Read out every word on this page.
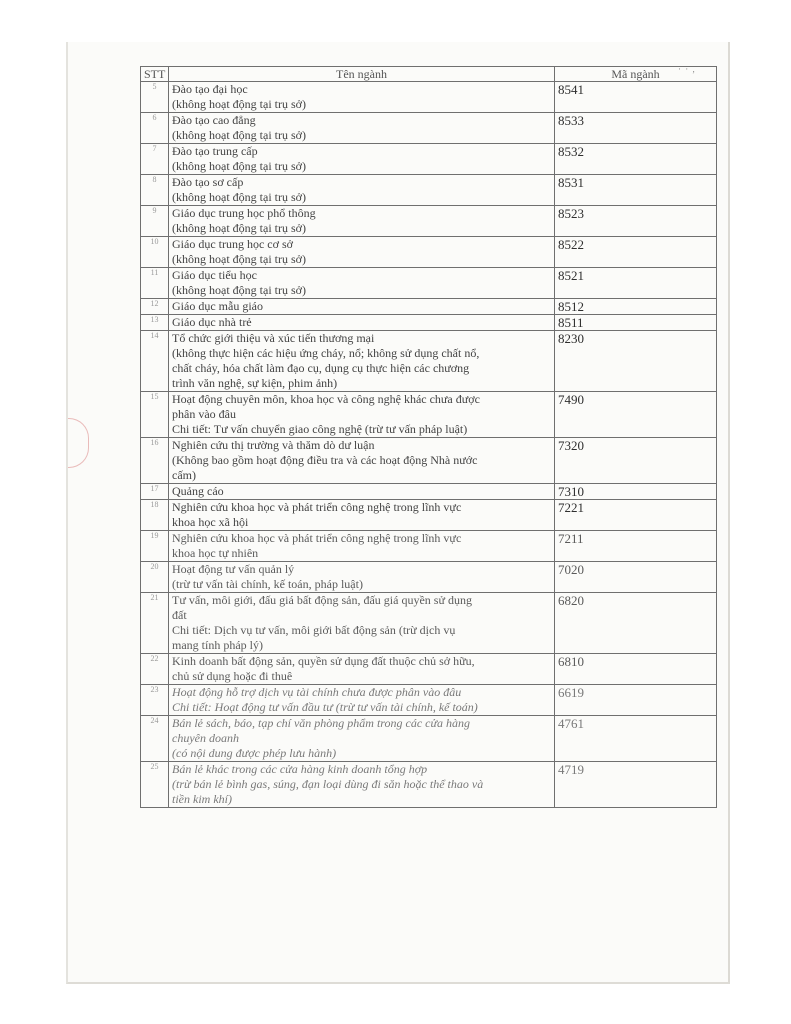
· · ,
STT	Tên ngành	Mã ngành
5	Đào tạo đại học
(không hoạt động tại trụ sở)	8541
6	Đào tạo cao đẳng
(không hoạt động tại trụ sở)	8533
7	Đào tạo trung cấp
(không hoạt động tại trụ sở)	8532
8	Đào tạo sơ cấp
(không hoạt động tại trụ sở)	8531
9	Giáo dục trung học phổ thông
(không hoạt động tại trụ sở)	8523
10	Giáo dục trung học cơ sở
(không hoạt động tại trụ sở)	8522
11	Giáo dục tiểu học
(không hoạt động tại trụ sở)	8521
12	Giáo dục mẫu giáo	8512
13	Giáo dục nhà trẻ	8511
14	Tổ chức giới thiệu và xúc tiến thương mại
(không thực hiện các hiệu ứng cháy, nổ; không sử dụng chất nổ,
chất cháy, hóa chất làm đạo cụ, dụng cụ thực hiện các chương
trình văn nghệ, sự kiện, phim ảnh)	8230
15	Hoạt động chuyên môn, khoa học và công nghệ khác chưa được
phân vào đâu
Chi tiết: Tư vấn chuyển giao công nghệ (trừ tư vấn pháp luật)	7490
16	Nghiên cứu thị trường và thăm dò dư luận
(Không bao gồm hoạt động điều tra và các hoạt động Nhà nước
cấm)	7320
17	Quảng cáo	7310
18	Nghiên cứu khoa học và phát triển công nghệ trong lĩnh vực
khoa học xã hội	7221
19	Nghiên cứu khoa học và phát triển công nghệ trong lĩnh vực
khoa học tự nhiên	7211
20	Hoạt động tư vấn quản lý
(trừ tư vấn tài chính, kế toán, pháp luật)	7020
21	Tư vấn, môi giới, đấu giá bất động sản, đấu giá quyền sử dụng
đất
Chi tiết: Dịch vụ tư vấn, môi giới bất động sản (trừ dịch vụ
mang tính pháp lý)	6820
22	Kinh doanh bất động sản, quyền sử dụng đất thuộc chủ sở hữu,
chủ sử dụng hoặc đi thuê	6810
23	Hoạt động hỗ trợ dịch vụ tài chính chưa được phân vào đâu
Chi tiết: Hoạt động tư vấn đầu tư (trừ tư vấn tài chính, kế toán)	6619
24	Bán lẻ sách, báo, tạp chí văn phòng phẩm trong các cửa hàng
chuyên doanh
(có nội dung được phép lưu hành)	4761
25	Bán lẻ khác trong các cửa hàng kinh doanh tổng hợp
(trừ bán lẻ bình gas, súng, đạn loại dùng đi săn hoặc thể thao và
tiền kim khí)	4719
